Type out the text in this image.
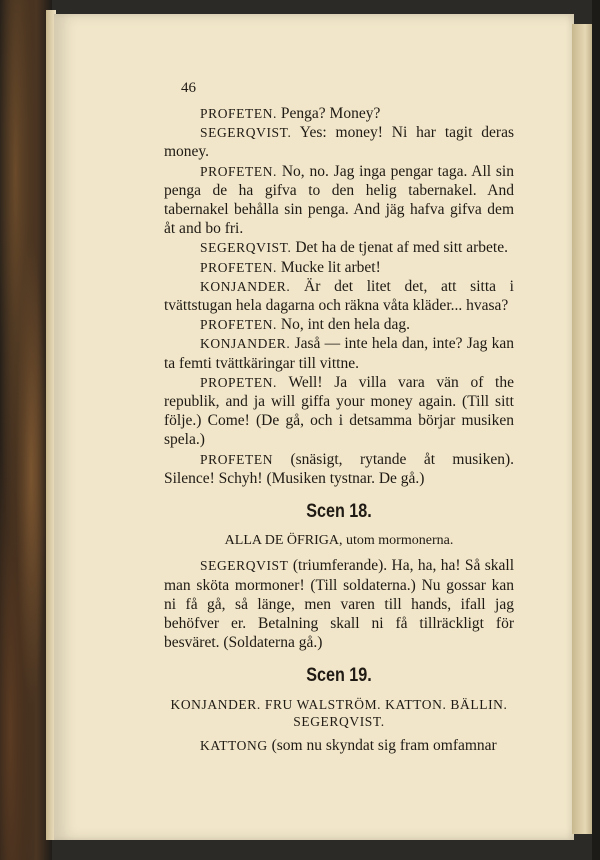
46

PROFETEN. Penga? Money?

SEGERQVIST. Yes: money! Ni har tagit deras money.

PROFETEN. No, no. Jag inga pengar taga. All sin penga de ha gifva to den helig tabernakel. And tabernakel behålla sin penga. And jäg hafva gifva dem åt and bo fri.

SEGERQVIST. Det ha de tjenat af med sitt arbete.

PROFETEN. Mucke lit arbet!

KONJANDER. Är det litet det, att sitta i tvättstugan hela dagarna och räkna våta kläder... hvasa?

PROFETEN. No, int den hela dag.

KONJANDER. Jaså — inte hela dan, inte? Jag kan ta femti tvättkäringar till vittne.

PROPETEN. Well! Ja villa vara vän of the republik, and ja will giffa your money again. (Till sitt följe.) Come! (De gå, och i detsamma börjar musiken spela.)

PROFETEN (snäsigt, rytande åt musiken). Silence! Schyh! (Musiken tystnar. De gå.)

Scen 18.
ALLA DE ÖFRIGA, utom mormonerna.

SEGERQVIST (triumferande). Ha, ha, ha! Så skall man sköta mormoner! (Till soldaterna.) Nu gossar kan ni få gå, så länge, men varen till hands, ifall jag behöfver er. Betalning skall ni få tillräckligt för besväret. (Soldaterna gå.)

Scen 19.
KONJANDER. FRU WALSTRÖM. KATTON. BÄLLIN. SEGERQVIST.

KATTONG (som nu skyndat sig fram omfamnar
